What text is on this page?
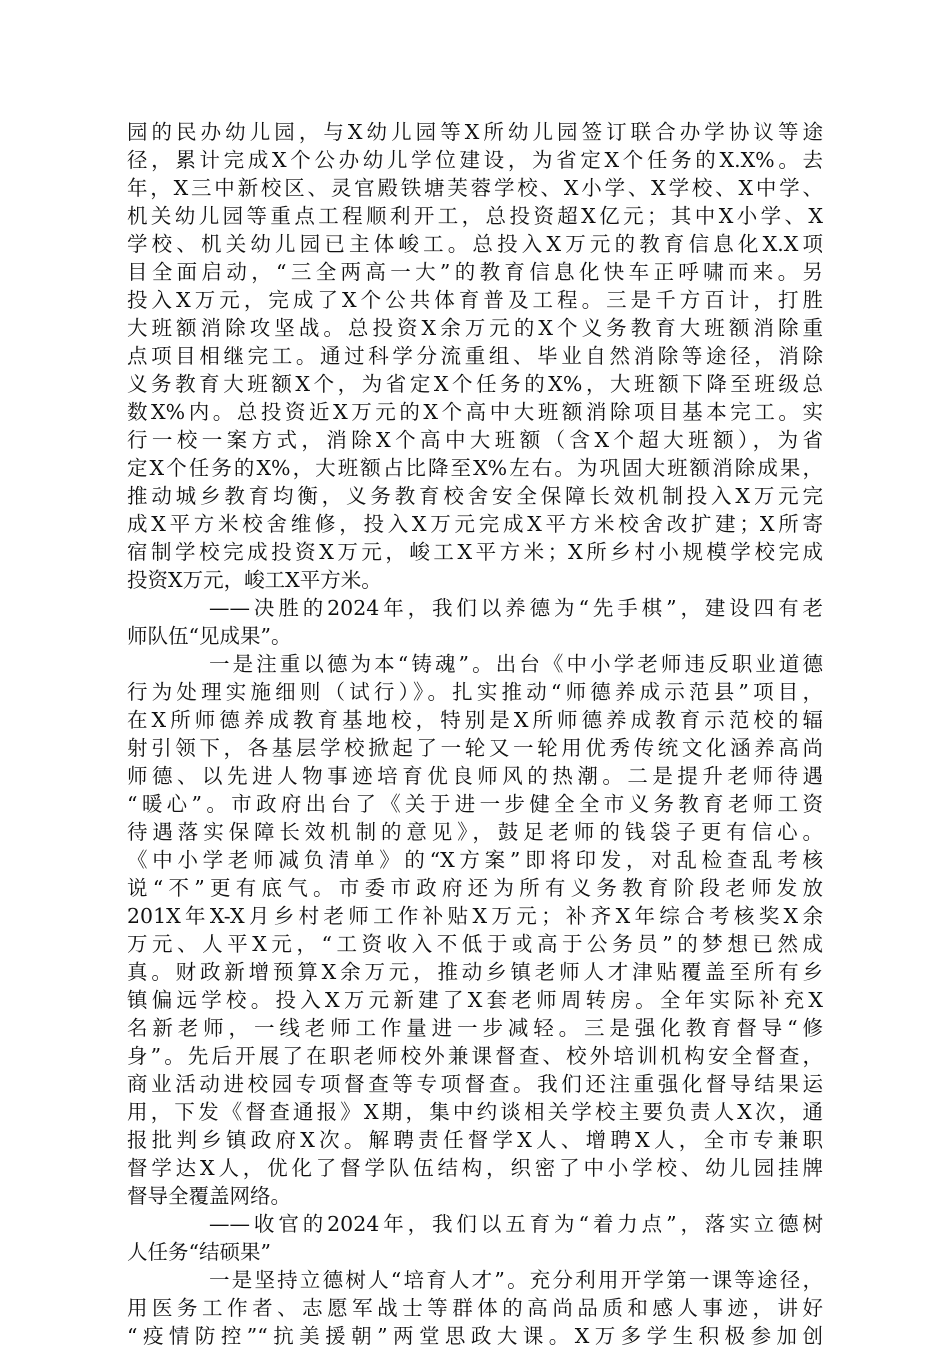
园的民办幼儿园，与X幼儿园等X所幼儿园签订联合办学协议等途
径，累计完成X个公办幼儿学位建设，为省定X个任务的X.X%。去
年，X三中新校区、灵官殿铁塘芙蓉学校、X小学、X学校、X中学、
机关幼儿园等重点工程顺利开工，总投资超X亿元；其中X小学、X
学校、机关幼儿园已主体峻工。总投入X万元的教育信息化X.X项
目全面启动，“三全两高一大”的教育信息化快车正呼啸而来。另
投入X万元，完成了X个公共体育普及工程。三是千方百计，打胜
大班额消除攻坚战。总投资X余万元的X个义务教育大班额消除重
点项目相继完工。通过科学分流重组、毕业自然消除等途径，消除
义务教育大班额X个，为省定X个任务的X%，大班额下降至班级总
数X%内。总投资近X万元的X个高中大班额消除项目基本完工。实
行一校一案方式，消除X个高中大班额（含X个超大班额），为省
定X个任务的X%，大班额占比降至X%左右。为巩固大班额消除成果，
推动城乡教育均衡，义务教育校舍安全保障长效机制投入X万元完
成X平方米校舍维修，投入X万元完成X平方米校舍改扩建；X所寄
宿制学校完成投资X万元，峻工X平方米；X所乡村小规模学校完成
投资X万元，峻工X平方米。
——决胜的2024年，我们以养德为“先手棋”，建设四有老
师队伍“见成果”。
一是注重以德为本“铸魂”。出台《中小学老师违反职业道德
行为处理实施细则（试行）》。扎实推动“师德养成示范县”项目，
在X所师德养成教育基地校，特别是X所师德养成教育示范校的辐
射引领下，各基层学校掀起了一轮又一轮用优秀传统文化涵养高尚
师德、以先进人物事迹培育优良师风的热潮。二是提升老师待遇
“暖心”。市政府出台了《关于进一步健全全市义务教育老师工资
待遇落实保障长效机制的意见》，鼓足老师的钱袋子更有信心。
《中小学老师减负清单》的“X方案”即将印发，对乱检查乱考核
说“不”更有底气。市委市政府还为所有义务教育阶段老师发放
201X年X-X月乡村老师工作补贴X万元；补齐X年综合考核奖X余
万元、人平X元，“工资收入不低于或高于公务员”的梦想已然成
真。财政新增预算X余万元，推动乡镇老师人才津贴覆盖至所有乡
镇偏远学校。投入X万元新建了X套老师周转房。全年实际补充X
名新老师，一线老师工作量进一步减轻。三是强化教育督导“修
身”。先后开展了在职老师校外兼课督查、校外培训机构安全督查，
商业活动进校园专项督查等专项督查。我们还注重强化督导结果运
用，下发《督查通报》X期，集中约谈相关学校主要负责人X次，通
报批判乡镇政府X次。解聘责任督学X人、增聘X人，全市专兼职
督学达X人，优化了督学队伍结构，织密了中小学校、幼儿园挂牌
督导全覆盖网络。
——收官的2024年，我们以五育为“着力点”，落实立德树
人任务“结硕果”
一是坚持立德树人“培育人才”。充分利用开学第一课等途径，
用医务工作者、志愿军战士等群体的高尚品质和感人事迹，讲好
“疫情防控”“抗美援朝”两堂思政大课。X万多学生积极参加创
